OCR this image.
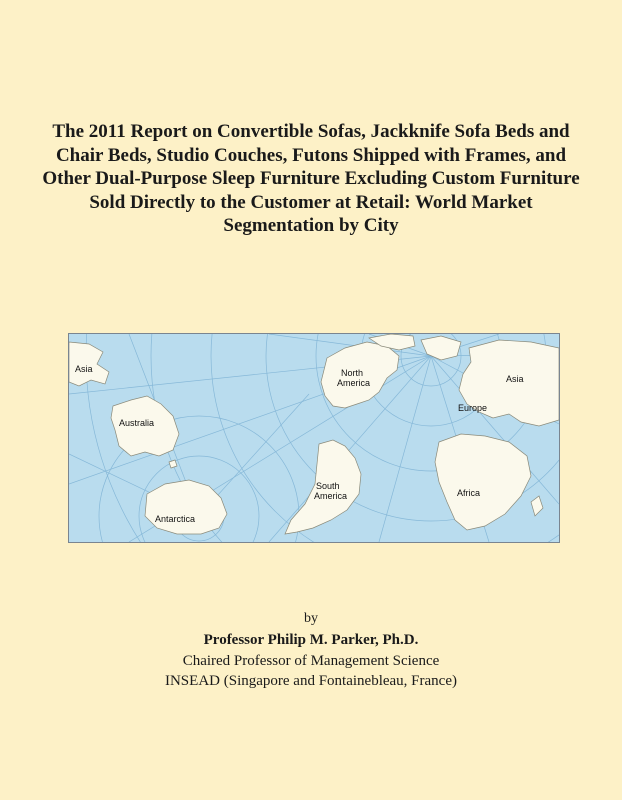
The 2011 Report on Convertible Sofas, Jackknife Sofa Beds and Chair Beds, Studio Couches, Futons Shipped with Frames, and Other Dual-Purpose Sleep Furniture Excluding Custom Furniture Sold Directly to the Customer at Retail: World Market Segmentation by City
Asia	North
America	Asia
Europe
Australia
South
America	Africa
Antarctica

by

Professor Philip M. Parker, Ph.D.

Chaired Professor of Management Science

INSEAD (Singapore and Fontainebleau, France)
